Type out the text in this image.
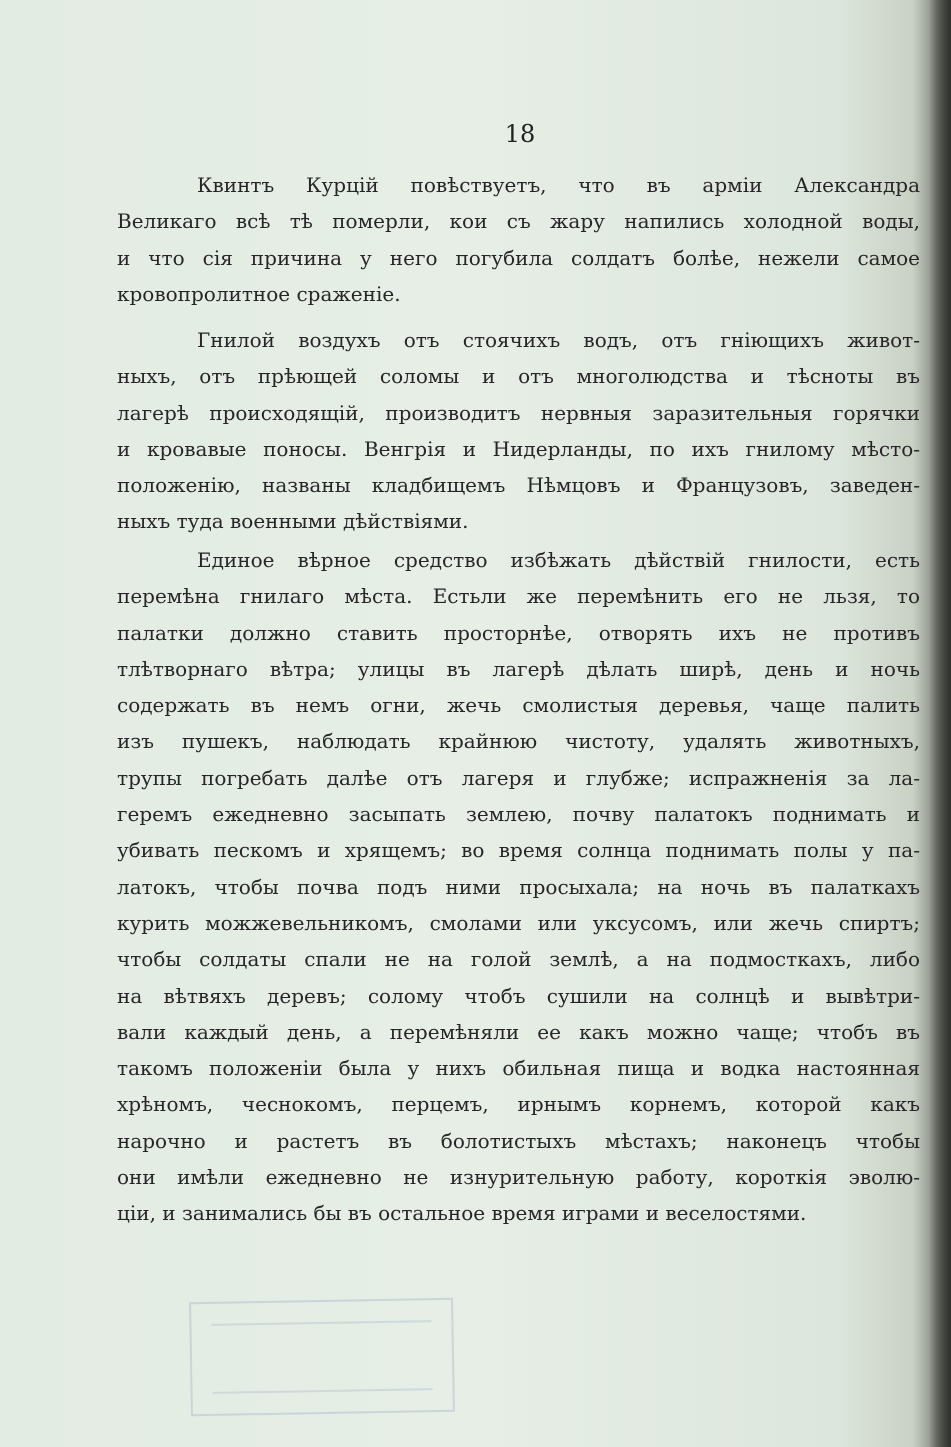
18
Квинтъ Курцій повѣствуетъ, что въ арміи Александра
Великаго всѣ тѣ померли, кои съ жару напились холодной воды,
и что сія причина у него погубила солдатъ болѣе, нежели самое
кровопролитное сраженіе.
Гнилой воздухъ отъ стоячихъ водъ, отъ гніющихъ живот-
ныхъ, отъ прѣющей соломы и отъ многолюдства и тѣсноты въ
лагерѣ происходящій, производитъ нервныя заразительныя горячки
и кровавые поносы. Венгрія и Нидерланды, по ихъ гнилому мѣсто-
положенію, названы кладбищемъ Нѣмцовъ и Французовъ, заведен-
ныхъ туда военными дѣйствіями.
Единое вѣрное средство избѣжать дѣйствій гнилости, есть
перемѣна гнилаго мѣста. Естьли же перемѣнить его не льзя, то
палатки должно ставить просторнѣе, отворять ихъ не противъ
тлѣтворнаго вѣтра; улицы въ лагерѣ дѣлать ширѣ, день и ночь
содержать въ немъ огни, жечь смолистыя деревья, чаще палить
изъ пушекъ, наблюдать крайнюю чистоту, удалять животныхъ,
трупы погребать далѣе отъ лагеря и глубже; испражненія за ла-
геремъ ежедневно засыпать землею, почву палатокъ поднимать и
убивать пескомъ и хрящемъ; во время солнца поднимать полы у па-
латокъ, чтобы почва подъ ними просыхала; на ночь въ палаткахъ
курить можжевельникомъ, смолами или уксусомъ, или жечь спиртъ;
чтобы солдаты спали не на голой землѣ, а на подмосткахъ, либо
на вѣтвяхъ деревъ; солому чтобъ сушили на солнцѣ и вывѣтри-
вали каждый день, а перемѣняли ее какъ можно чаще; чтобъ въ
такомъ положеніи была у нихъ обильная пища и водка настоянная
хрѣномъ, чеснокомъ, перцемъ, ирнымъ корнемъ, которой какъ
нарочно и растетъ въ болотистыхъ мѣстахъ; наконецъ чтобы
они имѣли ежедневно не изнурительную работу, короткія эволю-
ціи, и занимались бы въ остальное время играми и веселостями.
